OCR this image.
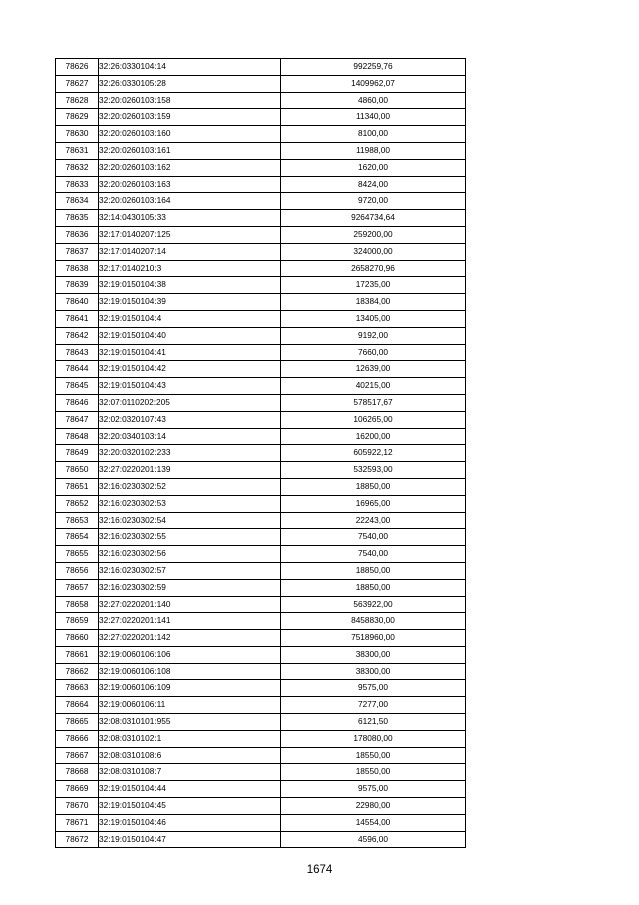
78626	32:26:0330104:14	992259,76
78627	32:26:0330105:28	1409962,07
78628	32:20:0260103:158	4860,00
78629	32:20:0260103:159	11340,00
78630	32:20:0260103:160	8100,00
78631	32:20:0260103:161	11988,00
78632	32:20:0260103:162	1620,00
78633	32:20:0260103:163	8424,00
78634	32:20:0260103:164	9720,00
78635	32:14:0430105:33	9264734,64
78636	32:17:0140207:125	259200,00
78637	32:17:0140207:14	324000,00
78638	32:17:0140210:3	2658270,96
78639	32:19:0150104:38	17235,00
78640	32:19:0150104:39	18384,00
78641	32:19:0150104:4	13405,00
78642	32:19:0150104:40	9192,00
78643	32:19:0150104:41	7660,00
78644	32:19:0150104:42	12639,00
78645	32:19:0150104:43	40215,00
78646	32:07:0110202:205	578517,67
78647	32:02:0320107:43	106265,00
78648	32:20:0340103:14	16200,00
78649	32:20:0320102:233	605922,12
78650	32:27:0220201:139	532593,00
78651	32:16:0230302:52	18850,00
78652	32:16:0230302:53	16965,00
78653	32:16:0230302:54	22243,00
78654	32:16:0230302:55	7540,00
78655	32:16:0230302:56	7540,00
78656	32:16:0230302:57	18850,00
78657	32:16:0230302:59	18850,00
78658	32:27:0220201:140	563922,00
78659	32:27:0220201:141	8458830,00
78660	32:27:0220201:142	7518960,00
78661	32:19:0060106:106	38300,00
78662	32:19:0060106:108	38300,00
78663	32:19:0060106:109	9575,00
78664	32:19:0060106:11	7277,00
78665	32:08:0310101:955	6121,50
78666	32:08:0310102:1	178080,00
78667	32:08:0310108:6	18550,00
78668	32:08:0310108:7	18550,00
78669	32:19:0150104:44	9575,00
78670	32:19:0150104:45	22980,00
78671	32:19:0150104:46	14554,00
78672	32:19:0150104:47	4596,00
1674
